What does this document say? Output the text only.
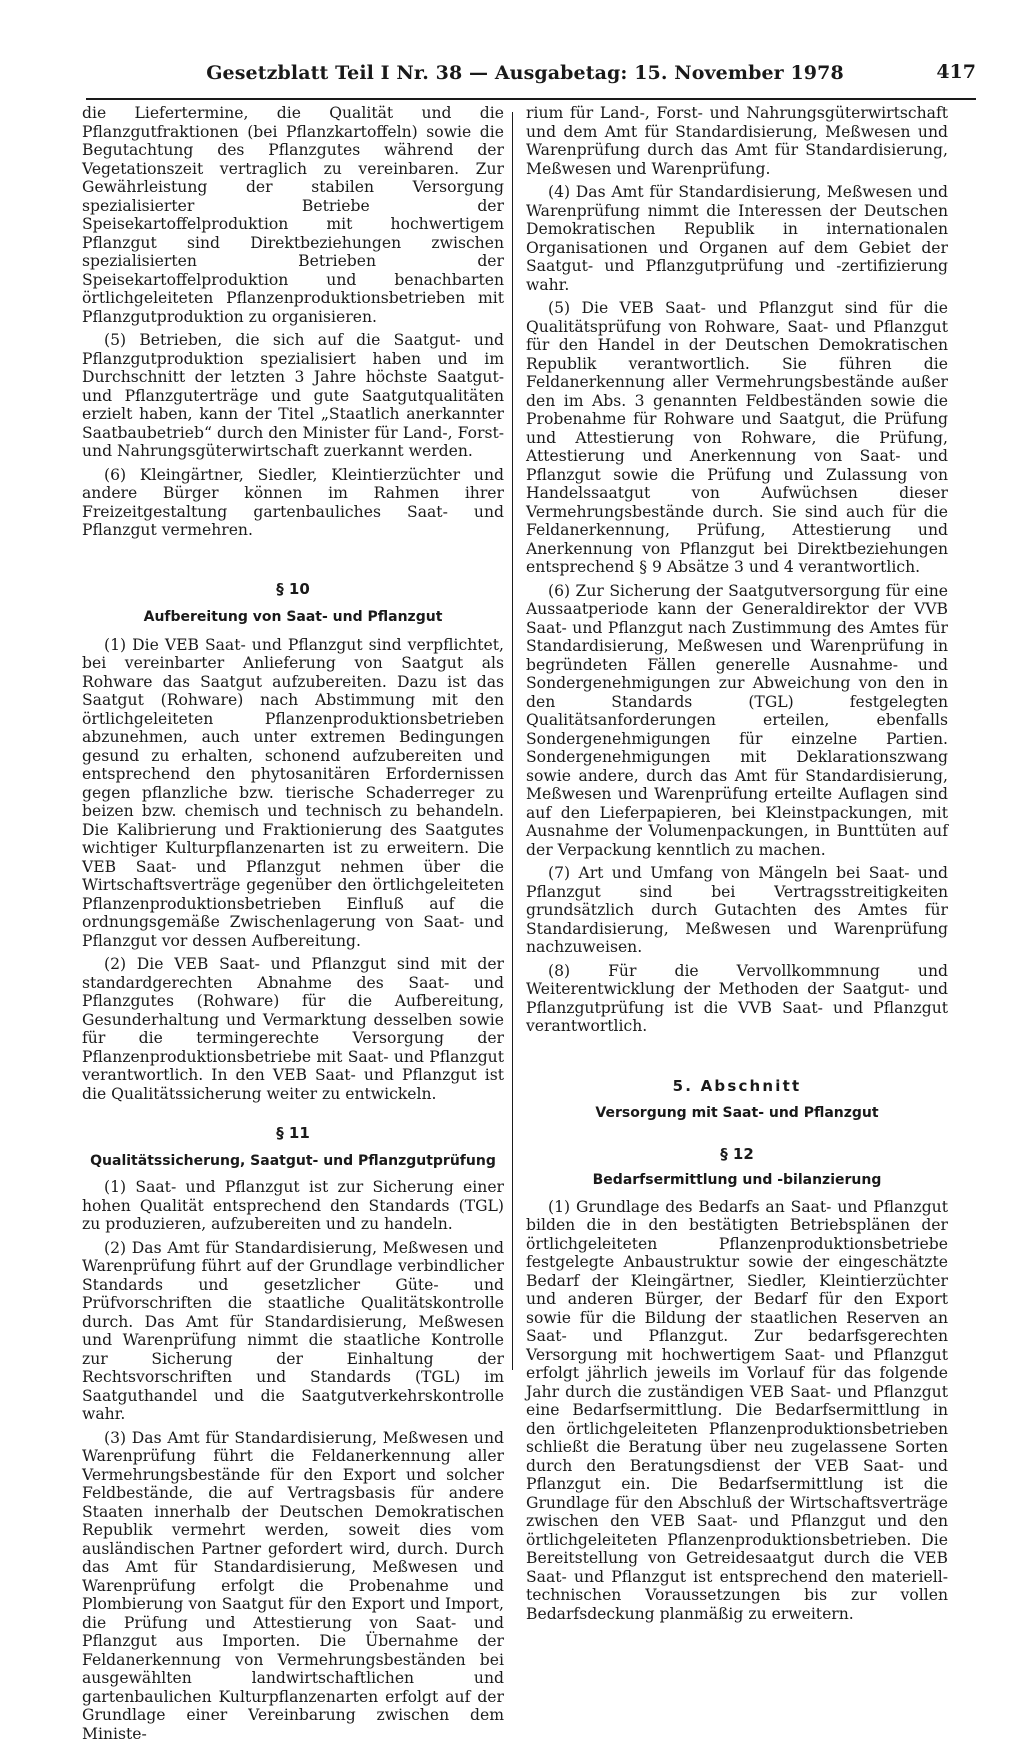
Gesetzblatt Teil I Nr. 38 — Ausgabetag: 15. November 1978	417

die Liefertermine, die Qualität und die Pflanzgutfraktionen (bei Pflanzkartoffeln) sowie die Begutachtung des Pflanzgutes während der Vegetationszeit vertraglich zu vereinbaren. Zur Gewährleistung der stabilen Versorgung spezialisierter Betriebe der Speisekartoffelproduktion mit hochwertigem Pflanzgut sind Direktbeziehungen zwischen spezialisierten Betrieben der Speisekartoffelproduktion und benachbarten örtlichgeleiteten Pflanzenproduktionsbetrieben mit Pflanzgutproduktion zu organisieren.

(5) Betrieben, die sich auf die Saatgut- und Pflanzgutproduktion spezialisiert haben und im Durchschnitt der letzten 3 Jahre höchste Saatgut- und Pflanzguterträge und gute Saatgutqualitäten erzielt haben, kann der Titel „Staatlich anerkannter Saatbaubetrieb“ durch den Minister für Land-, Forst- und Nahrungsgüterwirtschaft zuerkannt werden.

(6) Kleingärtner, Siedler, Kleintierzüchter und andere Bürger können im Rahmen ihrer Freizeitgestaltung gartenbauliches Saat- und Pflanzgut vermehren.

§ 10

Aufbereitung von Saat- und Pflanzgut

(1) Die VEB Saat- und Pflanzgut sind verpflichtet, bei vereinbarter Anlieferung von Saatgut als Rohware das Saatgut aufzubereiten. Dazu ist das Saatgut (Rohware) nach Abstimmung mit den örtlichgeleiteten Pflanzenproduktionsbetrieben abzunehmen, auch unter extremen Bedingungen gesund zu erhalten, schonend aufzubereiten und entsprechend den phytosanitären Erfordernissen gegen pflanzliche bzw. tierische Schaderreger zu beizen bzw. chemisch und technisch zu behandeln. Die Kalibrierung und Fraktionierung des Saatgutes wichtiger Kulturpflanzenarten ist zu erweitern. Die VEB Saat- und Pflanzgut nehmen über die Wirtschaftsverträge gegenüber den örtlichgeleiteten Pflanzenproduktionsbetrieben Einfluß auf die ordnungsgemäße Zwischenlagerung von Saat- und Pflanzgut vor dessen Aufbereitung.

(2) Die VEB Saat- und Pflanzgut sind mit der standardgerechten Abnahme des Saat- und Pflanzgutes (Rohware) für die Aufbereitung, Gesunderhaltung und Vermarktung desselben sowie für die termingerechte Versorgung der Pflanzenproduktionsbetriebe mit Saat- und Pflanzgut verantwortlich. In den VEB Saat- und Pflanzgut ist die Qualitätssicherung weiter zu entwickeln.

§ 11

Qualitätssicherung, Saatgut- und Pflanzgutprüfung

(1) Saat- und Pflanzgut ist zur Sicherung einer hohen Qualität entsprechend den Standards (TGL) zu produzieren, aufzubereiten und zu handeln.

(2) Das Amt für Standardisierung, Meßwesen und Warenprüfung führt auf der Grundlage verbindlicher Standards und gesetzlicher Güte- und Prüfvorschriften die staatliche Qualitätskontrolle durch. Das Amt für Standardisierung, Meßwesen und Warenprüfung nimmt die staatliche Kontrolle zur Sicherung der Einhaltung der Rechtsvorschriften und Standards (TGL) im Saatguthandel und die Saatgutverkehrskontrolle wahr.

(3) Das Amt für Standardisierung, Meßwesen und Warenprüfung führt die Feldanerkennung aller Vermehrungsbestände für den Export und solcher Feldbestände, die auf Vertragsbasis für andere Staaten innerhalb der Deutschen Demokratischen Republik vermehrt werden, soweit dies vom ausländischen Partner gefordert wird, durch. Durch das Amt für Standardisierung, Meßwesen und Warenprüfung erfolgt die Probenahme und Plombierung von Saatgut für den Export und Import, die Prüfung und Attestierung von Saat- und Pflanzgut aus Importen. Die Übernahme der Feldanerkennung von Vermehrungsbeständen bei ausgewählten landwirtschaftlichen und gartenbaulichen Kulturpflanzenarten erfolgt auf der Grundlage einer Vereinbarung zwischen dem Ministe-

rium für Land-, Forst- und Nahrungsgüterwirtschaft und dem Amt für Standardisierung, Meßwesen und Warenprüfung durch das Amt für Standardisierung, Meßwesen und Warenprüfung.

(4) Das Amt für Standardisierung, Meßwesen und Warenprüfung nimmt die Interessen der Deutschen Demokratischen Republik in internationalen Organisationen und Organen auf dem Gebiet der Saatgut- und Pflanzgutprüfung und -zertifizierung wahr.

(5) Die VEB Saat- und Pflanzgut sind für die Qualitätsprüfung von Rohware, Saat- und Pflanzgut für den Handel in der Deutschen Demokratischen Republik verantwortlich. Sie führen die Feldanerkennung aller Vermehrungsbestände außer den im Abs. 3 genannten Feldbeständen sowie die Probenahme für Rohware und Saatgut, die Prüfung und Attestierung von Rohware, die Prüfung, Attestierung und Anerkennung von Saat- und Pflanzgut sowie die Prüfung und Zulassung von Handelssaatgut von Aufwüchsen dieser Vermehrungsbestände durch. Sie sind auch für die Feldanerkennung, Prüfung, Attestierung und Anerkennung von Pflanzgut bei Direktbeziehungen entsprechend § 9 Absätze 3 und 4 verantwortlich.

(6) Zur Sicherung der Saatgutversorgung für eine Aussaatperiode kann der Generaldirektor der VVB Saat- und Pflanzgut nach Zustimmung des Amtes für Standardisierung, Meßwesen und Warenprüfung in begründeten Fällen generelle Ausnahme- und Sondergenehmigungen zur Abweichung von den in den Standards (TGL) festgelegten Qualitätsanforderungen erteilen, ebenfalls Sondergenehmigungen für einzelne Partien. Sondergenehmigungen mit Deklarationszwang sowie andere, durch das Amt für Standardisierung, Meßwesen und Warenprüfung erteilte Auflagen sind auf den Lieferpapieren, bei Kleinstpackungen, mit Ausnahme der Volumenpackungen, in Bunttüten auf der Verpackung kenntlich zu machen.

(7) Art und Umfang von Mängeln bei Saat- und Pflanzgut sind bei Vertragsstreitigkeiten grundsätzlich durch Gutachten des Amtes für Standardisierung, Meßwesen und Warenprüfung nachzuweisen.

(8) Für die Vervollkommnung und Weiterentwicklung der Methoden der Saatgut- und Pflanzgutprüfung ist die VVB Saat- und Pflanzgut verantwortlich.

5. Abschnitt

Versorgung mit Saat- und Pflanzgut

§ 12

Bedarfsermittlung und -bilanzierung

(1) Grundlage des Bedarfs an Saat- und Pflanzgut bilden die in den bestätigten Betriebsplänen der örtlichgeleiteten Pflanzenproduktionsbetriebe festgelegte Anbaustruktur sowie der eingeschätzte Bedarf der Kleingärtner, Siedler, Kleintierzüchter und anderen Bürger, der Bedarf für den Export sowie für die Bildung der staatlichen Reserven an Saat- und Pflanzgut. Zur bedarfsgerechten Versorgung mit hochwertigem Saat- und Pflanzgut erfolgt jährlich jeweils im Vorlauf für das folgende Jahr durch die zuständigen VEB Saat- und Pflanzgut eine Bedarfsermittlung. Die Bedarfsermittlung in den örtlichgeleiteten Pflanzenproduktionsbetrieben schließt die Beratung über neu zugelassene Sorten durch den Beratungsdienst der VEB Saat- und Pflanzgut ein. Die Bedarfsermittlung ist die Grundlage für den Abschluß der Wirtschaftsverträge zwischen den VEB Saat- und Pflanzgut und den örtlichgeleiteten Pflanzenproduktionsbetrieben. Die Bereitstellung von Getreidesaatgut durch die VEB Saat- und Pflanzgut ist entsprechend den materiell-technischen Voraussetzungen bis zur vollen Bedarfsdeckung planmäßig zu erweitern.
